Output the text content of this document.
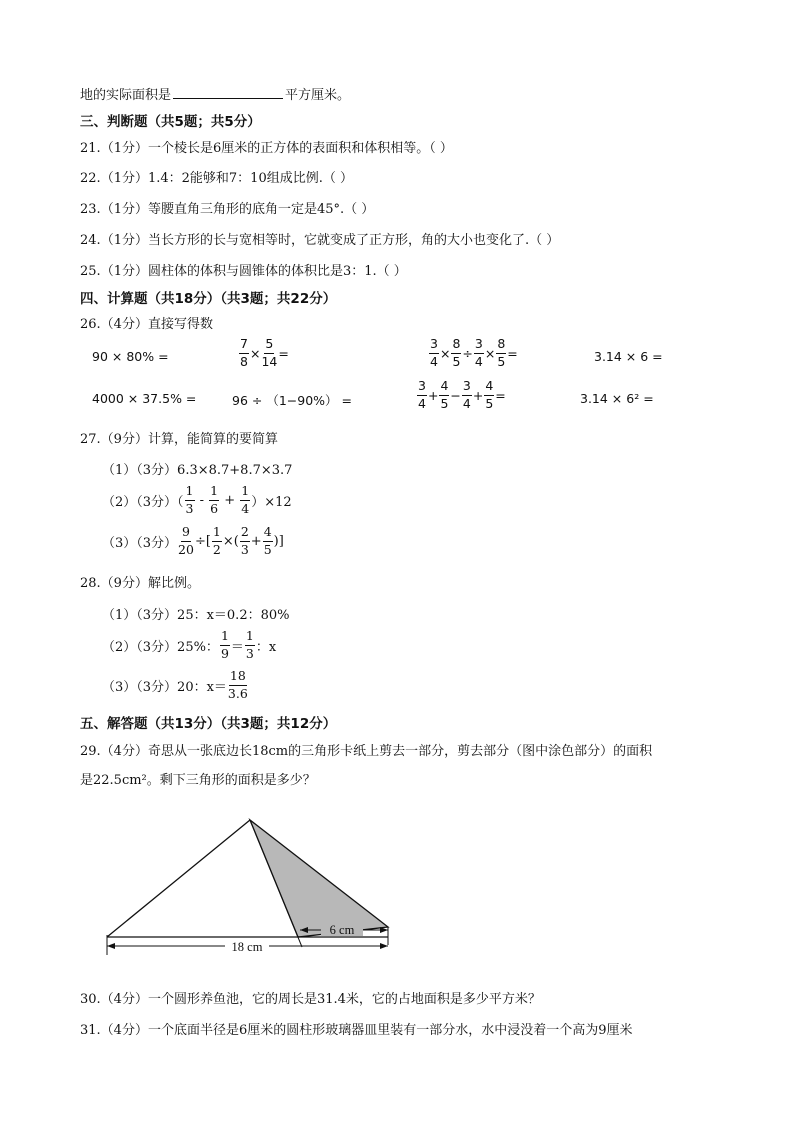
地的实际面积是	平方厘米。
三、判断题（共5题；共5分）
21.（1分）一个棱长是6厘米的正方体的表面积和体积相等。（ ）
22.（1分）1.4：2能够和7：10组成比例.（ ）
23.（1分）等腰直角三角形的底角一定是45°.（ ）
24.（1分）当长方形的长与宽相等时，它就变成了正方形，角的大小也变化了.（ ）
25.（1分）圆柱体的体积与圆锥体的体积比是3：1.（ ）
四、计算题（共18分）（共3题；共22分）
26.（4分）直接写得数
90 × 80% =	$\frac{7}{8} \times \frac{5}{14}$ =	$\frac{3}{4} \times \frac{8}{5} \div \frac{3}{4} \times \frac{8}{5}$ =	3.14 × 6 =
4000 × 37.5% =	96 ÷ （1−90%） =	$\frac{3}{4} + \frac{4}{5} - \frac{3}{4} + \frac{4}{5}$ =	3.14 × 6² =
27.（9分）计算，能简算的要简算
（1）（3分）6.3×8.7+8.7×3.7
（2）（3分）（ $\frac{1}{3} - \frac{1}{6} + \frac{1}{4} )\times 12$
（3）（3分） $\frac{9}{20}$ ÷[ $\frac{1}{2}$ ×( $\frac{2}{3} + \frac{4}{5}$ )]
28.（9分）解比例。
（1）（3分）25：x＝0.2：80%
（2）（3分）25%： $\frac{1}{9} = \frac{1}{3}$ ：x
（3）（3分）20：$x= \frac{18}{3.6}$
五、解答题（共13分）（共3题；共12分）
29.（4分）奇思从一张底边长18cm的三角形卡纸上剪去一部分，剪去部分（图中涂色部分）的面积
是22.5cm²。剩下三角形的面积是多少？
18 cm
6 cm
30.（4分）一个圆形养鱼池，它的周长是31.4米，它的占地面积是多少平方米？
31.（4分）一个底面半径是6厘米的圆柱形玻璃器皿里装有一部分水，水中浸没着一个高为9厘米
